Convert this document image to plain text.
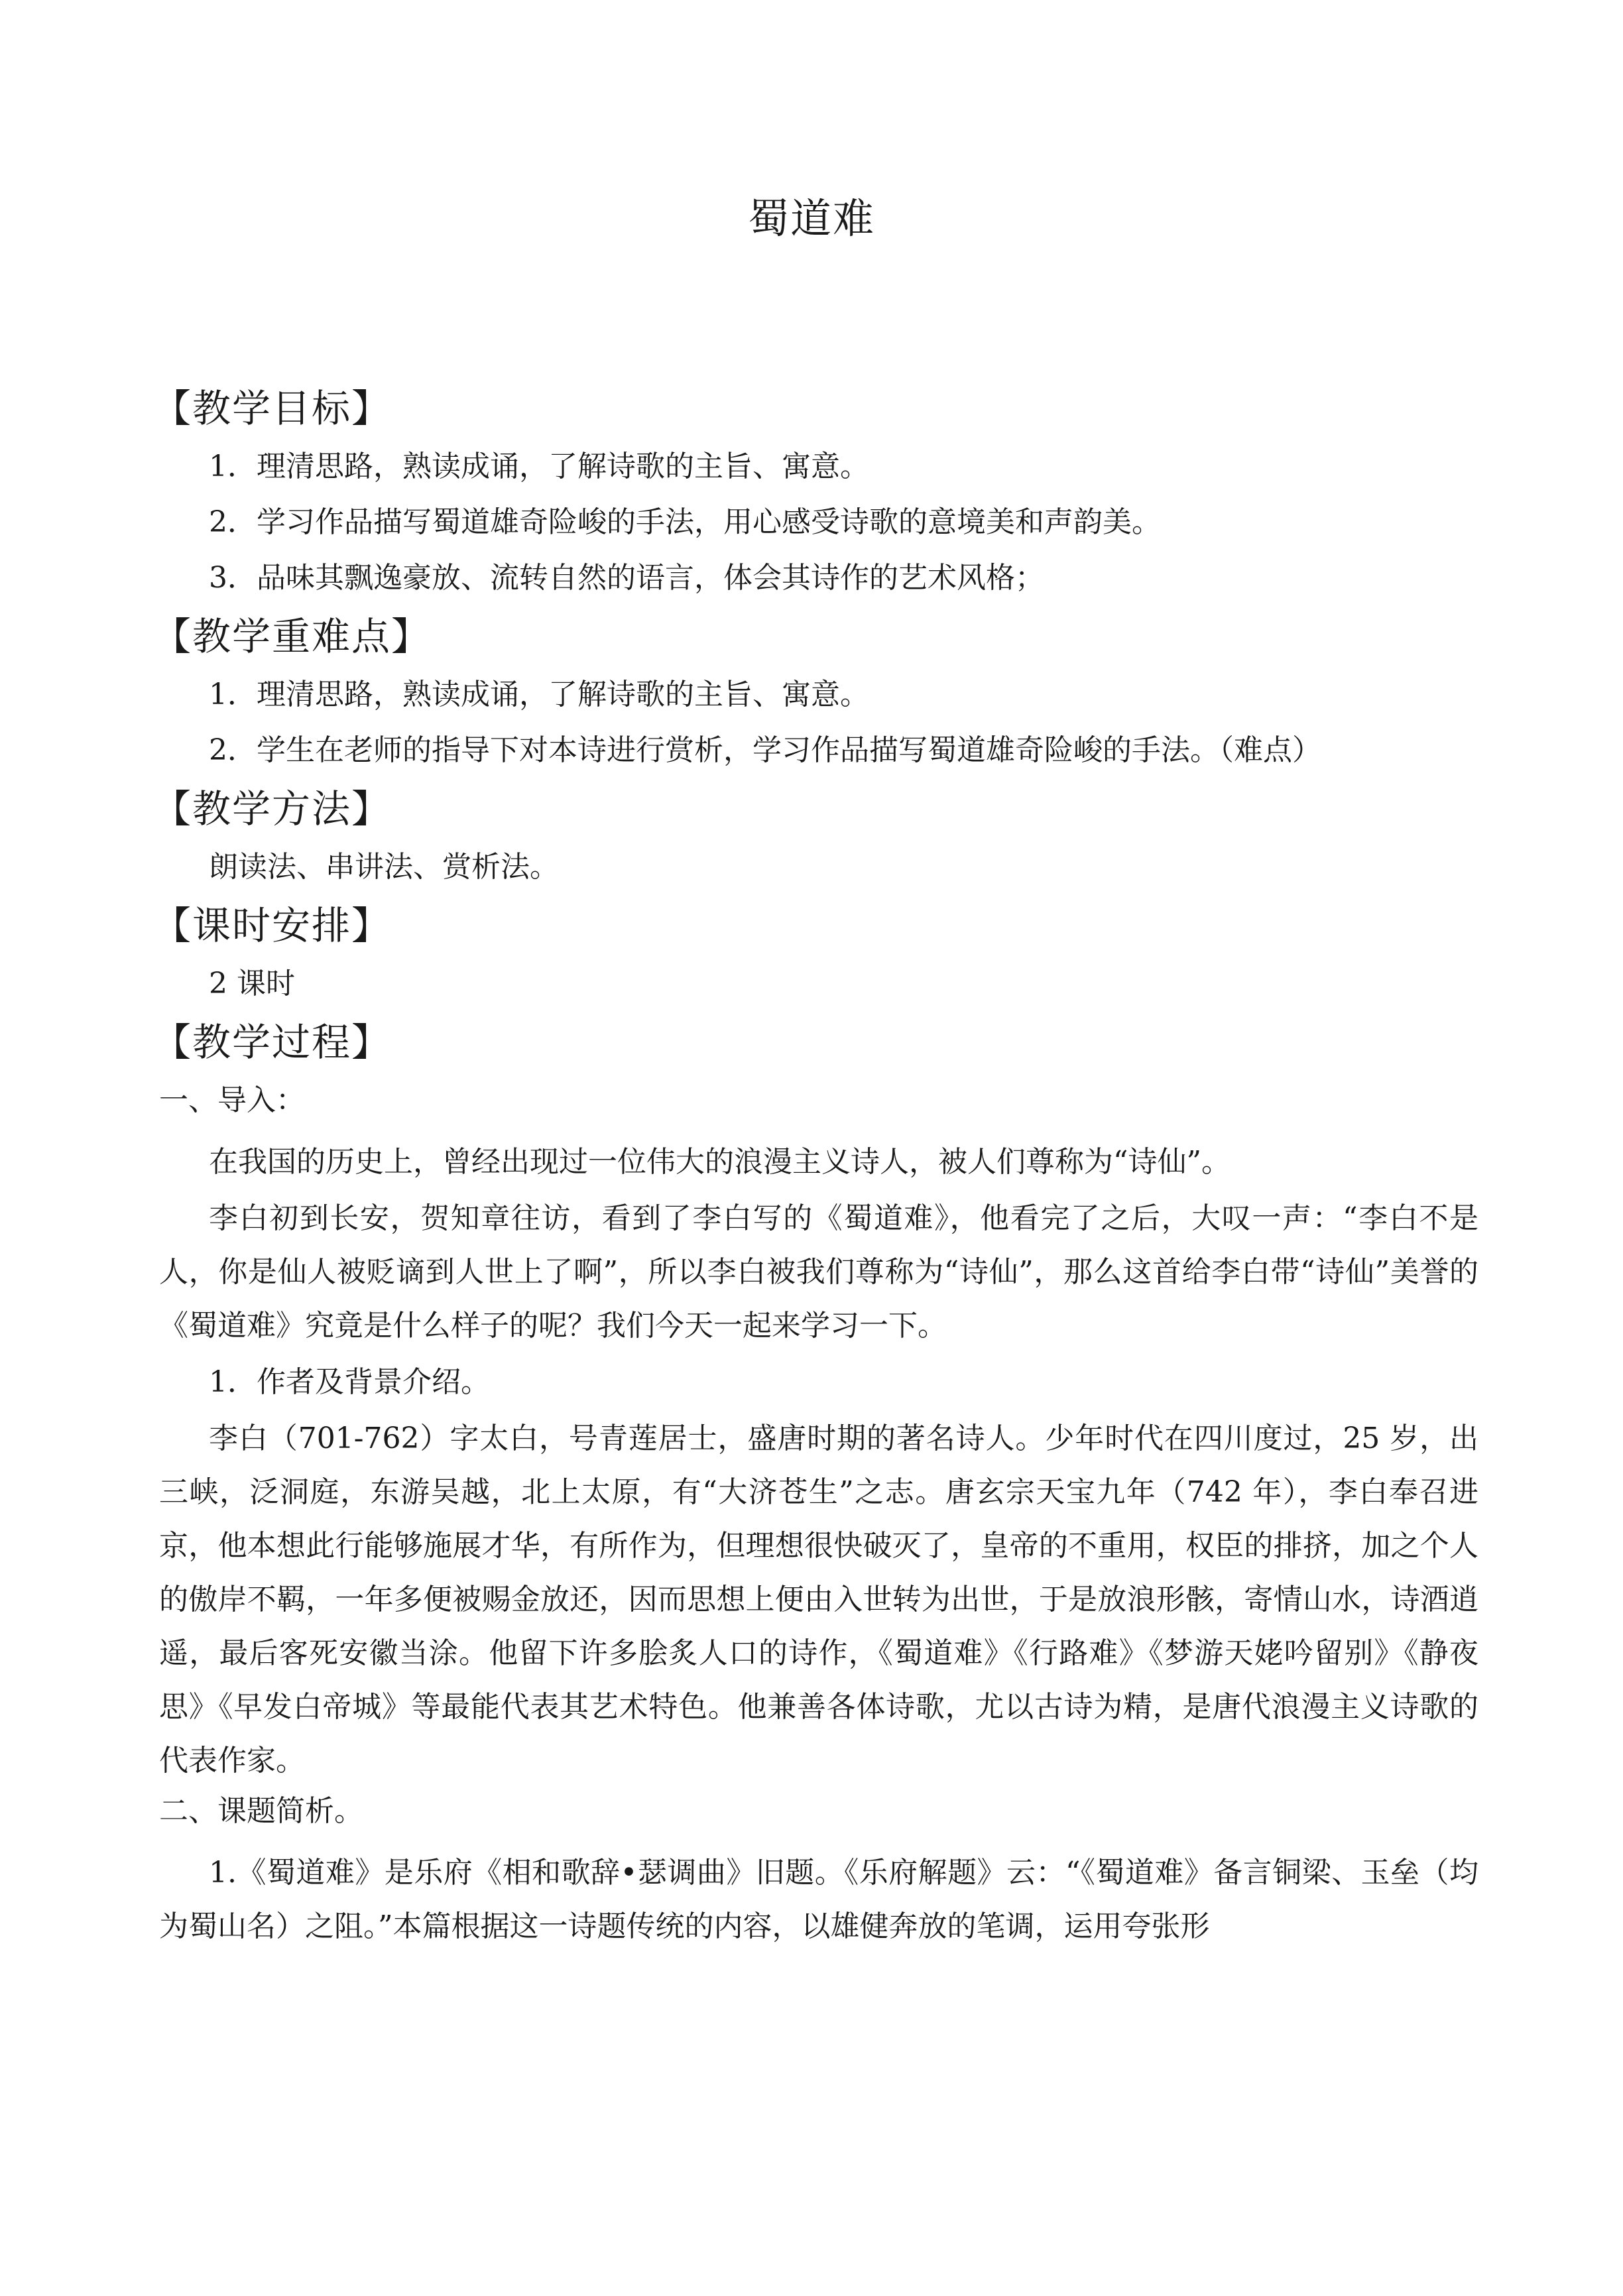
蜀道难
【教学目标】
1．理清思路，熟读成诵，了解诗歌的主旨、寓意。
2．学习作品描写蜀道雄奇险峻的手法，用心感受诗歌的意境美和声韵美。
3．品味其飘逸豪放、流转自然的语言，体会其诗作的艺术风格；
【教学重难点】
1．理清思路，熟读成诵，了解诗歌的主旨、寓意。
2．学生在老师的指导下对本诗进行赏析，学习作品描写蜀道雄奇险峻的手法。（难点）
【教学方法】
朗读法、串讲法、赏析法。
【课时安排】
2 课时
【教学过程】
一、导入：
在我国的历史上，曾经出现过一位伟大的浪漫主义诗人，被人们尊称为“诗仙”。
李白初到长安，贺知章往访，看到了李白写的《蜀道难》，他看完了之后，大叹一声：“李白不是人，你是仙人被贬谪到人世上了啊”，所以李白被我们尊称为“诗仙”，那么这首给李白带“诗仙”美誉的《蜀道难》究竟是什么样子的呢？我们今天一起来学习一下。
1．作者及背景介绍。
李白（701-762）字太白，号青莲居士，盛唐时期的著名诗人。少年时代在四川度过，25 岁，出三峡，泛洞庭，东游吴越，北上太原，有“大济苍生”之志。唐玄宗天宝九年（742 年），李白奉召进京，他本想此行能够施展才华，有所作为，但理想很快破灭了，皇帝的不重用，权臣的排挤，加之个人的傲岸不羁，一年多便被赐金放还，因而思想上便由入世转为出世，于是放浪形骸，寄情山水，诗酒逍遥，最后客死安徽当涂。他留下许多脍炙人口的诗作，《蜀道难》《行路难》《梦游天姥吟留别》《静夜思》《早发白帝城》等最能代表其艺术特色。他兼善各体诗歌，尤以古诗为精，是唐代浪漫主义诗歌的代表作家。
二、课题简析。
1.《蜀道难》是乐府《相和歌辞•瑟调曲》旧题。《乐府解题》云：“《蜀道难》备言铜梁、玉垒（均为蜀山名）之阻。”本篇根据这一诗题传统的内容，以雄健奔放的笔调，运用夸张形
